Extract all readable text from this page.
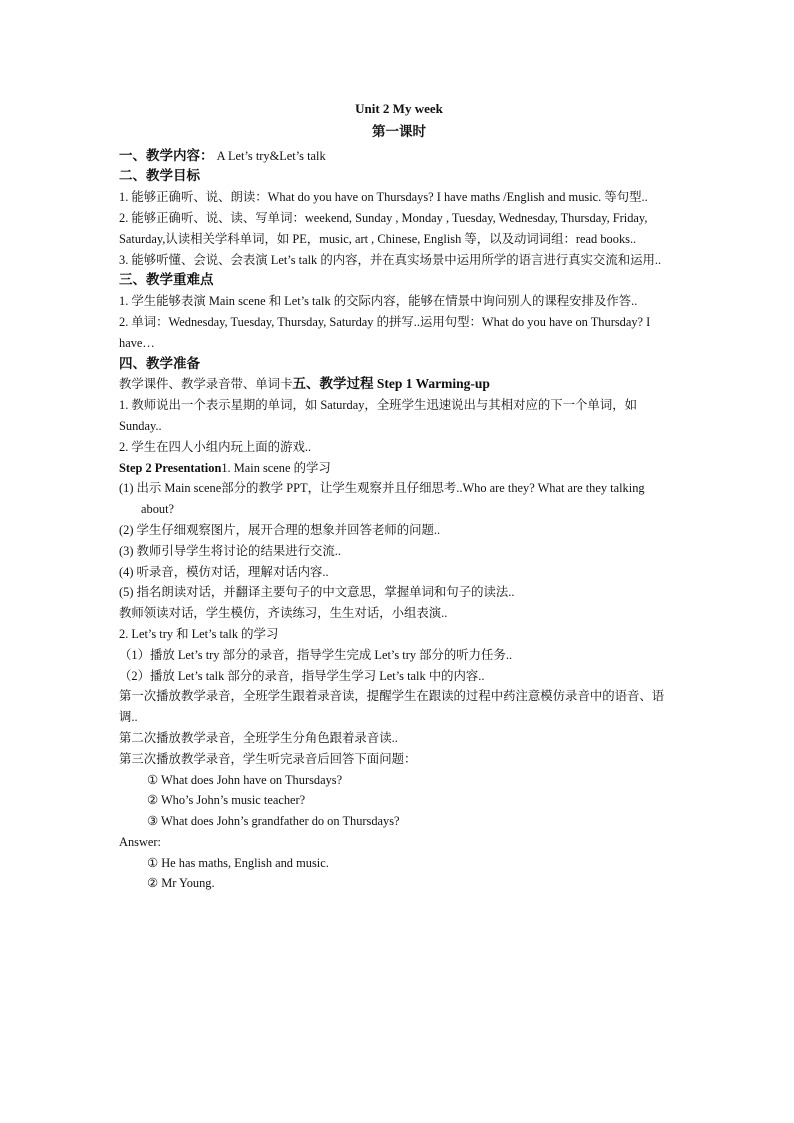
Unit 2 My week

第一课时

一、教学内容： A Let’s try&Let’s talk

二、教学目标

1. 能够正确听、说、朗读：What do you have on Thursdays? I have maths /English and music. 等句型..

2. 能够正确听、说、读、写单词：weekend, Sunday , Monday , Tuesday, Wednesday, Thursday, Friday, Saturday,认读相关学科单词，如 PE，music, art , Chinese, English 等，以及动词词组：read books..

3. 能够听懂、会说、会表演 Let’s talk 的内容，并在真实场景中运用所学的语言进行真实交流和运用..

三、教学重难点

1. 学生能够表演 Main scene 和 Let’s talk 的交际内容，能够在情景中询问别人的课程安排及作答..

2. 单词：Wednesday, Tuesday, Thursday, Saturday 的拼写..运用句型：What do you have on Thursday? I have…

四、教学准备

教学课件、教学录音带、单词卡五、教学过程 Step 1 Warming-up

1. 教师说出一个表示星期的单词，如 Saturday，全班学生迅速说出与其相对应的下一个单词，如 Sunday..

2. 学生在四人小组内玩上面的游戏..

Step 2 Presentation1. Main scene 的学习

(1) 出示 Main scene部分的教学 PPT，让学生观察并且仔细思考..Who are they? What are they talking about?

(2) 学生仔细观察图片，展开合理的想象并回答老师的问题..

(3) 教师引导学生将讨论的结果进行交流..

(4) 听录音，模仿对话，理解对话内容..

(5) 指名朗读对话，并翻译主要句子的中文意思，掌握单词和句子的读法..

教师领读对话，学生模仿，齐读练习，生生对话，小组表演..

2. Let’s try 和 Let’s talk 的学习

（1）播放 Let’s try 部分的录音，指导学生完成 Let’s try 部分的听力任务..

（2）播放 Let’s talk 部分的录音，指导学生学习 Let’s talk 中的内容..

第一次播放教学录音，全班学生跟着录音读，提醒学生在跟读的过程中药注意模仿录音中的语音、语调..

第二次播放教学录音，全班学生分角色跟着录音读..

第三次播放教学录音，学生听完录音后回答下面问题：

① What does John have on Thursdays?

② Who’s John’s music teacher?

③ What does John’s grandfather do on Thursdays?

Answer:

① He has maths, English and music.

② Mr Young.
